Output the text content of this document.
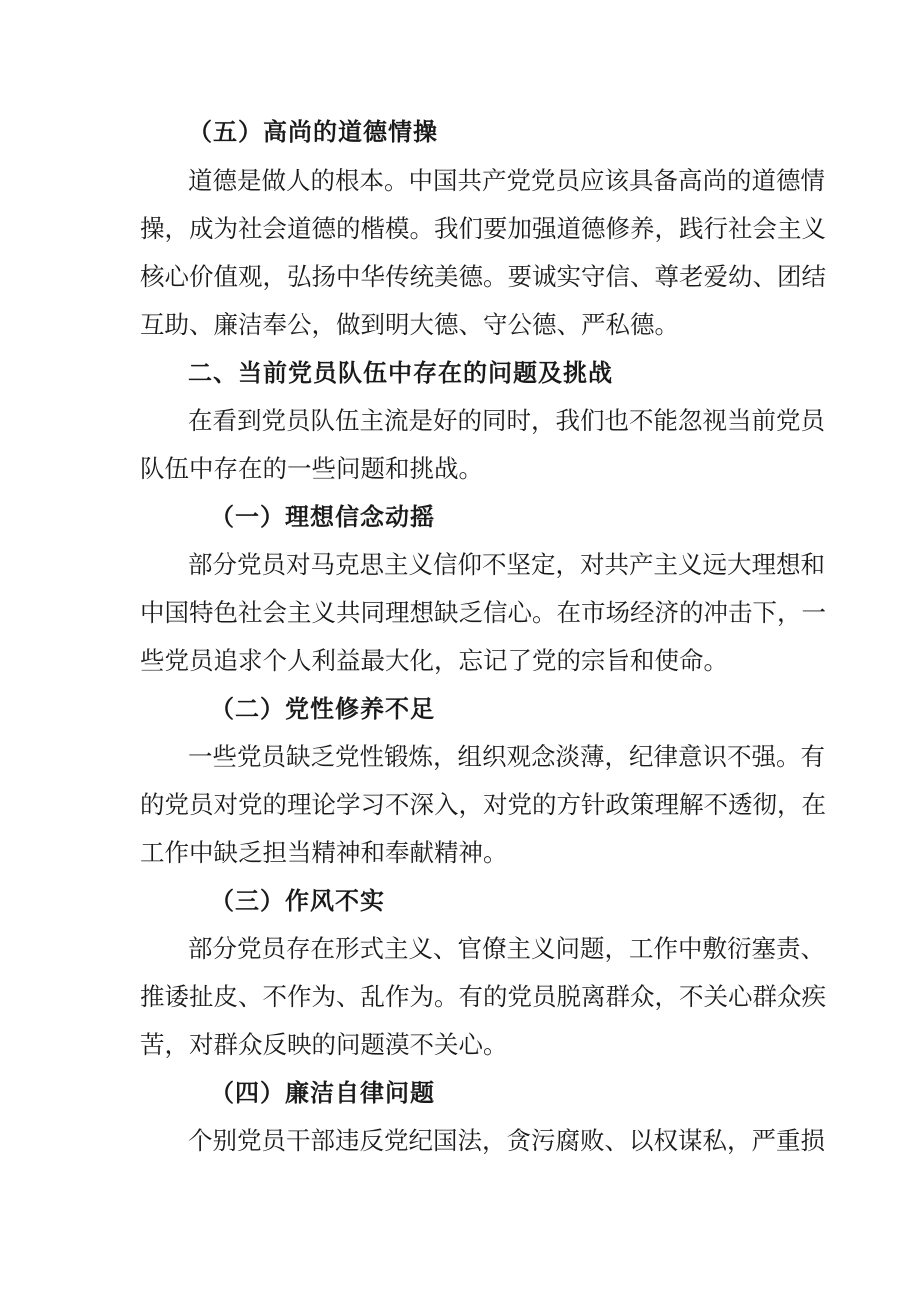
（五）高尚的道德情操
道德是做人的根本。中国共产党党员应该具备高尚的道德情
操，成为社会道德的楷模。我们要加强道德修养，践行社会主义
核心价值观，弘扬中华传统美德。要诚实守信、尊老爱幼、团结
互助、廉洁奉公，做到明大德、守公德、严私德。
二、当前党员队伍中存在的问题及挑战
在看到党员队伍主流是好的同时，我们也不能忽视当前党员
队伍中存在的一些问题和挑战。
（一）理想信念动摇
部分党员对马克思主义信仰不坚定，对共产主义远大理想和
中国特色社会主义共同理想缺乏信心。在市场经济的冲击下，一
些党员追求个人利益最大化，忘记了党的宗旨和使命。
（二）党性修养不足
一些党员缺乏党性锻炼，组织观念淡薄，纪律意识不强。有
的党员对党的理论学习不深入，对党的方针政策理解不透彻，在
工作中缺乏担当精神和奉献精神。
（三）作风不实
部分党员存在形式主义、官僚主义问题，工作中敷衍塞责、
推诿扯皮、不作为、乱作为。有的党员脱离群众，不关心群众疾
苦，对群众反映的问题漠不关心。
（四）廉洁自律问题
个别党员干部违反党纪国法，贪污腐败、以权谋私，严重损
